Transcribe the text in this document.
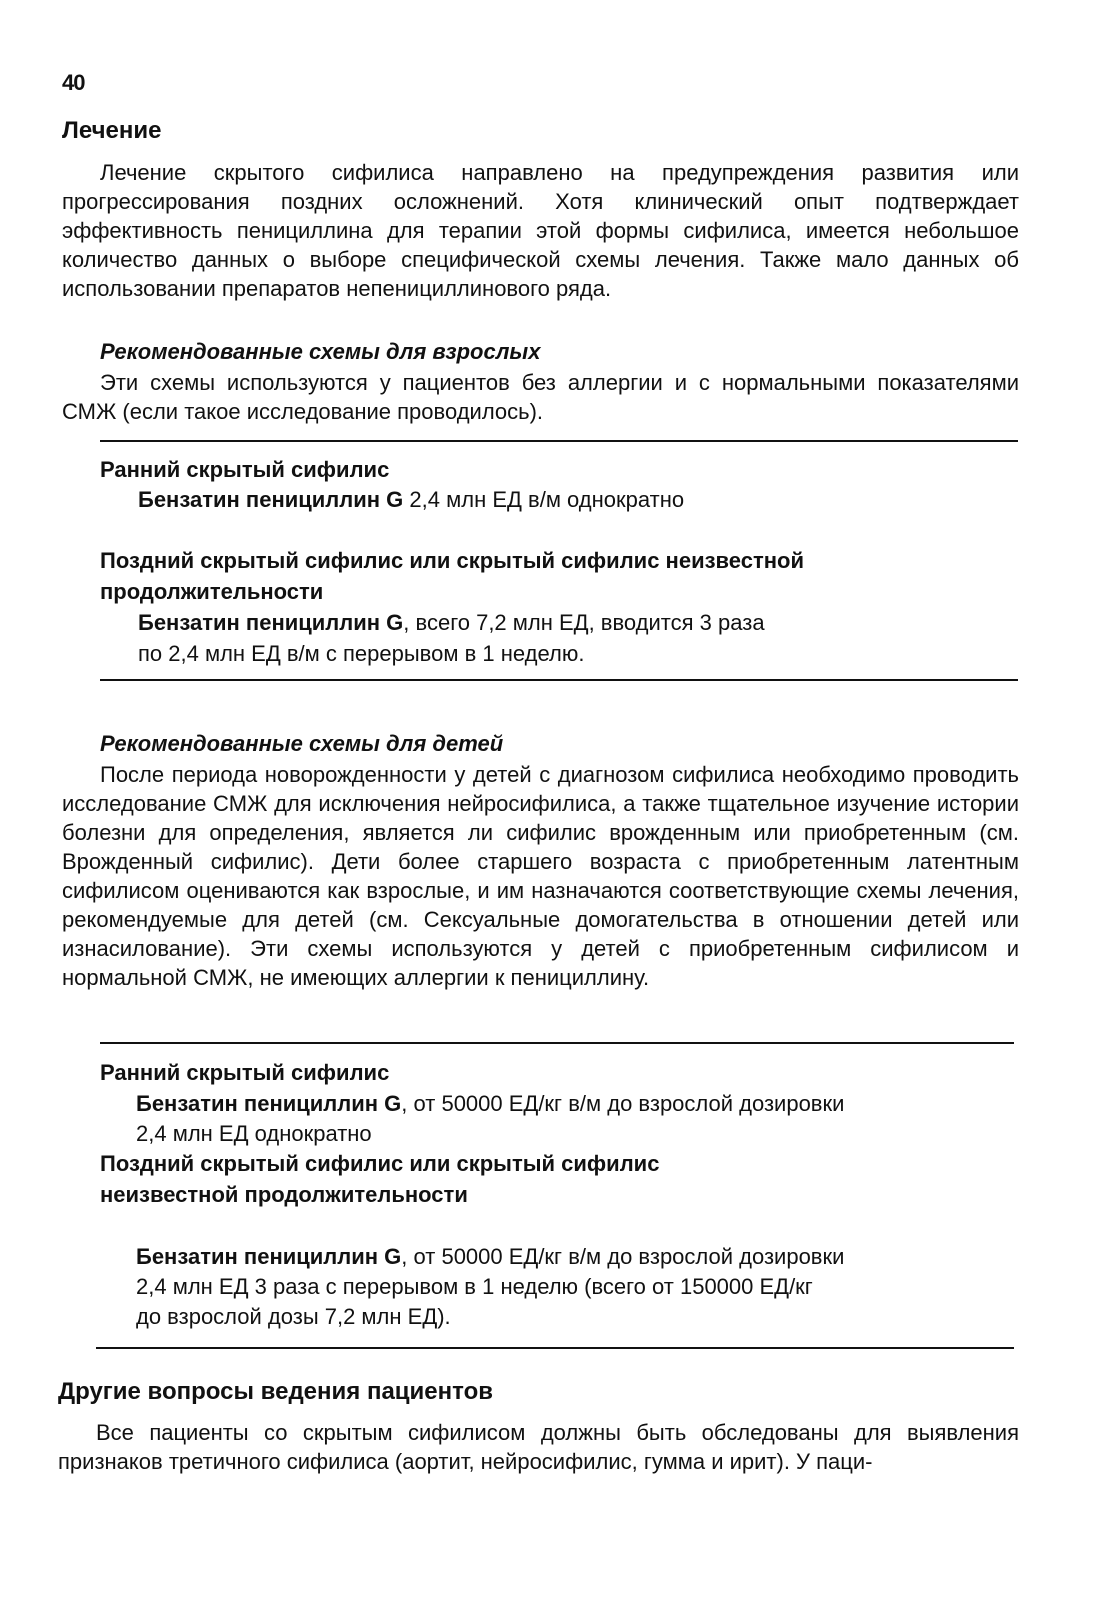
40
Лечение
Лечение скрытого сифилиса направлено на предупреждения развития или прогрессирования поздних осложнений. Хотя клинический опыт подтверждает эффективность пенициллина для терапии этой формы сифилиса, имеется небольшое количество данных о выборе специфической схемы лечения. Также мало данных об использовании препаратов непенициллинового ряда.
Рекомендованные схемы для взрослых
Эти схемы используются у пациентов без аллергии и с нормальными показателями СМЖ (если такое исследование проводилось).
Ранний скрытый сифилис
Бензатин пенициллин G 2,4 млн ЕД в/м однократно
Поздний скрытый сифилис или скрытый сифилис неизвестной
продолжительности
Бензатин пенициллин G, всего 7,2 млн ЕД, вводится 3 раза
по 2,4 млн ЕД в/м с перерывом в 1 неделю.
Рекомендованные схемы для детей
После периода новорожденности у детей с диагнозом сифилиса необходимо проводить исследование СМЖ для исключения нейросифилиса, а также тщательное изучение истории болезни для определения, является ли сифилис врожденным или приобретенным (см. Врожденный сифилис). Дети более старшего возраста с приобретенным латентным сифилисом оцениваются как взрослые, и им назначаются соответствующие схемы лечения, рекомендуемые для детей (см. Сексуальные домогательства в отношении детей или изнасилование). Эти схемы используются у детей с приобретенным сифилисом и нормальной СМЖ, не имеющих аллергии к пенициллину.
Ранний скрытый сифилис
Бензатин пенициллин G, от 50000 ЕД/кг в/м до взрослой дозировки
2,4 млн ЕД однократно
Поздний скрытый сифилис или скрытый сифилис
неизвестной продолжительности
Бензатин пенициллин G, от 50000 ЕД/кг в/м до взрослой дозировки
2,4 млн ЕД 3 раза с перерывом в 1 неделю (всего от 150000 ЕД/кг
до взрослой дозы 7,2 млн ЕД).
Другие вопросы ведения пациентов
Все пациенты со скрытым сифилисом должны быть обследованы для выявления признаков третичного сифилиса (аортит, нейросифилис, гумма и ирит). У паци-
